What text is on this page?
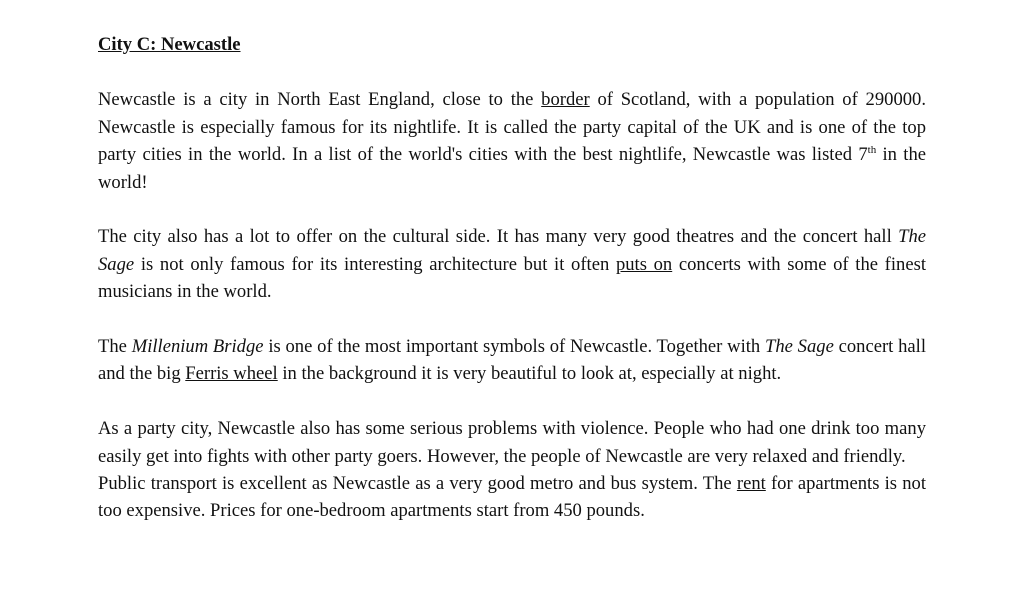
City C: Newcastle

Newcastle is a city in North East England, close to the border of Scotland, with a population of 290000. Newcastle is especially famous for its nightlife. It is called the party capital of the UK and is one of the top party cities in the world. In a list of the world's cities with the best nightlife, Newcastle was listed 7th in the world!

The city also has a lot to offer on the cultural side. It has many very good theatres and the concert hall The Sage is not only famous for its interesting architecture but it often puts on concerts with some of the finest musicians in the world.

The Millenium Bridge is one of the most important symbols of Newcastle. Together with The Sage concert hall and the big Ferris wheel in the background it is very beautiful to look at, especially at night.

As a party city, Newcastle also has some serious problems with violence. People who had one drink too many easily get into fights with other party goers. However, the people of Newcastle are very relaxed and friendly.

Public transport is excellent as Newcastle as a very good metro and bus system. The rent for apartments is not too expensive. Prices for one-bedroom apartments start from 450 pounds.
